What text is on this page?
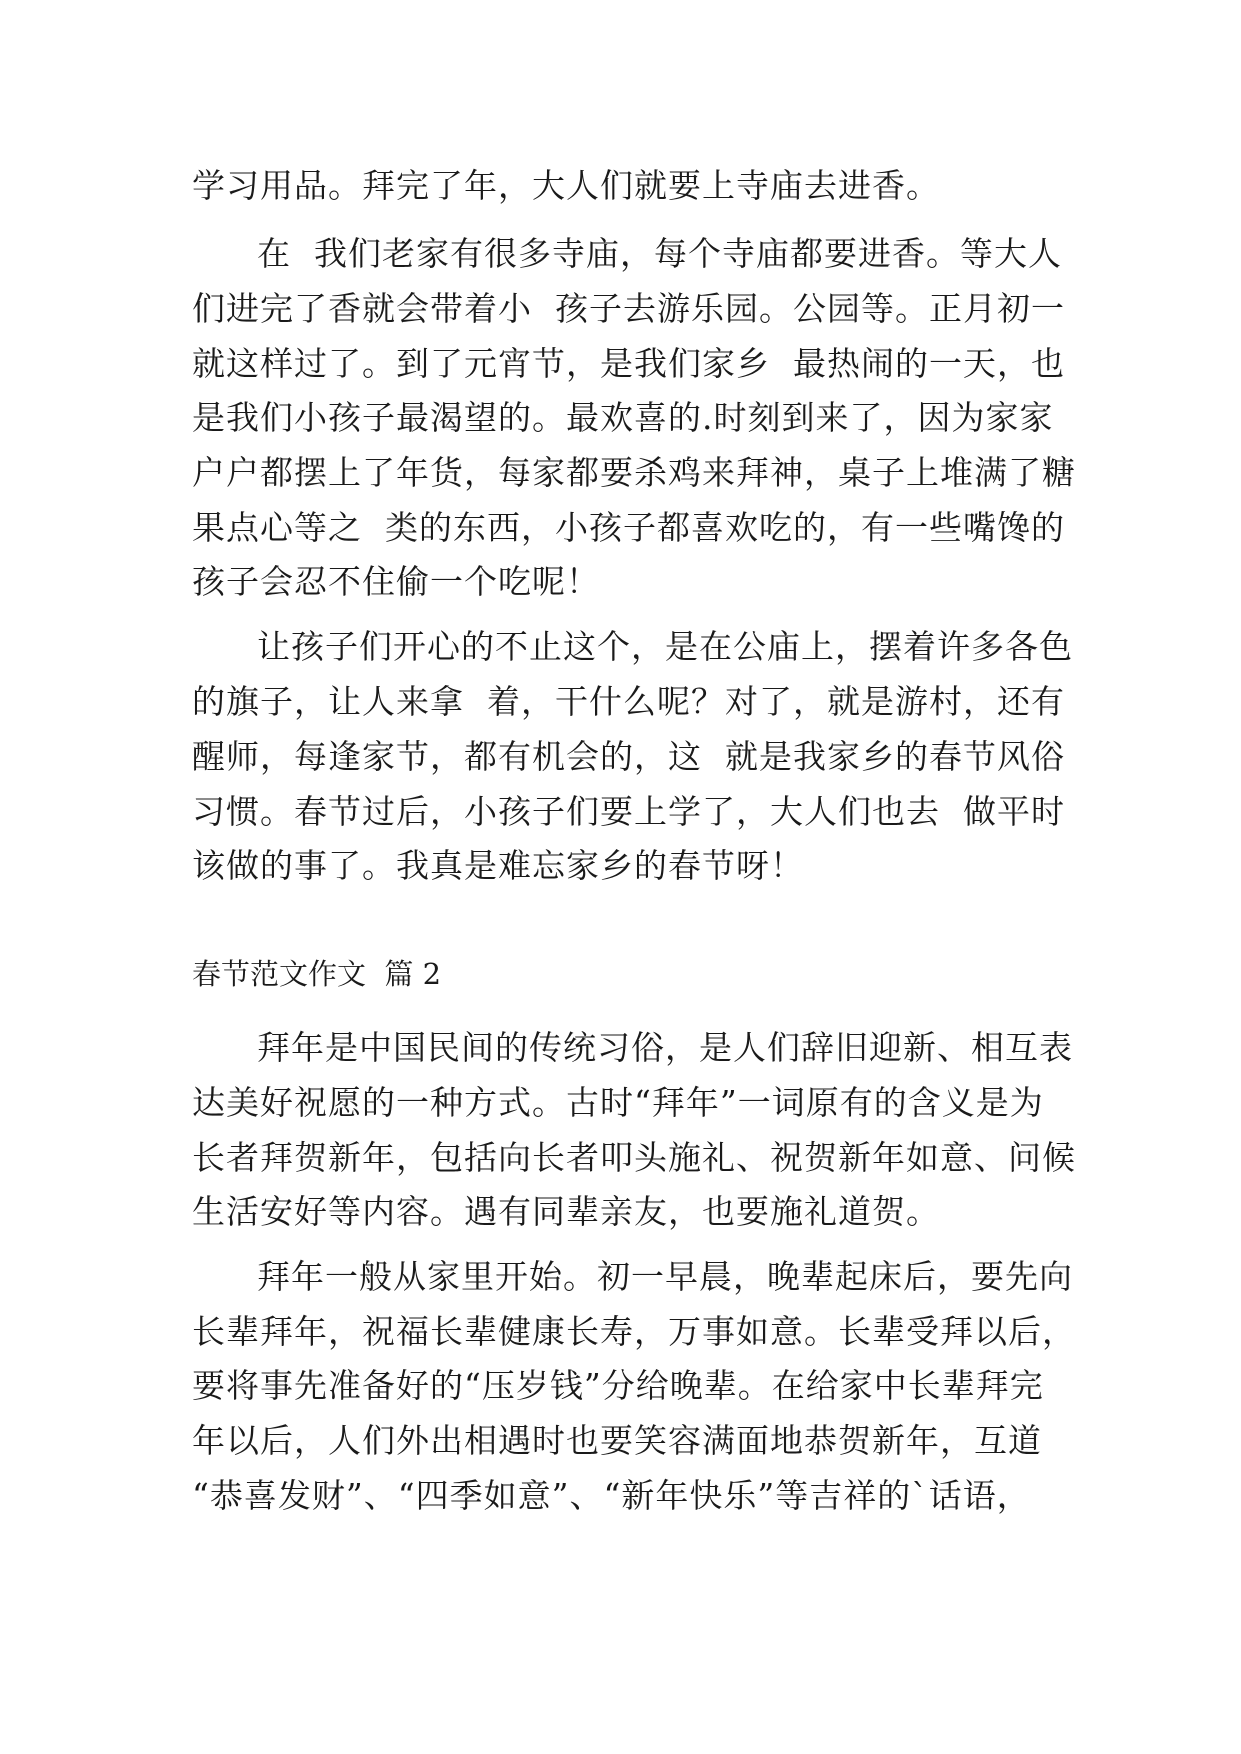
学习用品。拜完了年，大人们就要上寺庙去进香。
在  我们老家有很多寺庙，每个寺庙都要进香。等大人
们进完了香就会带着小  孩子去游乐园。公园等。正月初一
就这样过了。到了元宵节，是我们家乡  最热闹的一天，也
是我们小孩子最渴望的。最欢喜的.时刻到来了，因为家家
户户都摆上了年货，每家都要杀鸡来拜神，桌子上堆满了糖
果点心等之  类的东西，小孩子都喜欢吃的，有一些嘴馋的
孩子会忍不住偷一个吃呢！
让孩子们开心的不止这个，是在公庙上，摆着许多各色
的旗子，让人来拿  着，干什么呢？对了，就是游村，还有
醒师，每逢家节，都有机会的，这  就是我家乡的春节风俗
习惯。春节过后，小孩子们要上学了，大人们也去  做平时
该做的事了。我真是难忘家乡的春节呀！
春节范文作文  篇 2
拜年是中国民间的传统习俗，是人们辞旧迎新、相互表
达美好祝愿的一种方式。古时“拜年”一词原有的含义是为
长者拜贺新年，包括向长者叩头施礼、祝贺新年如意、问候
生活安好等内容。遇有同辈亲友，也要施礼道贺。
拜年一般从家里开始。初一早晨，晚辈起床后，要先向
长辈拜年，祝福长辈健康长寿，万事如意。长辈受拜以后，
要将事先准备好的“压岁钱”分给晚辈。在给家中长辈拜完
年以后，人们外出相遇时也要笑容满面地恭贺新年，互道
“恭喜发财”、“四季如意”、“新年快乐”等吉祥的`话语，
